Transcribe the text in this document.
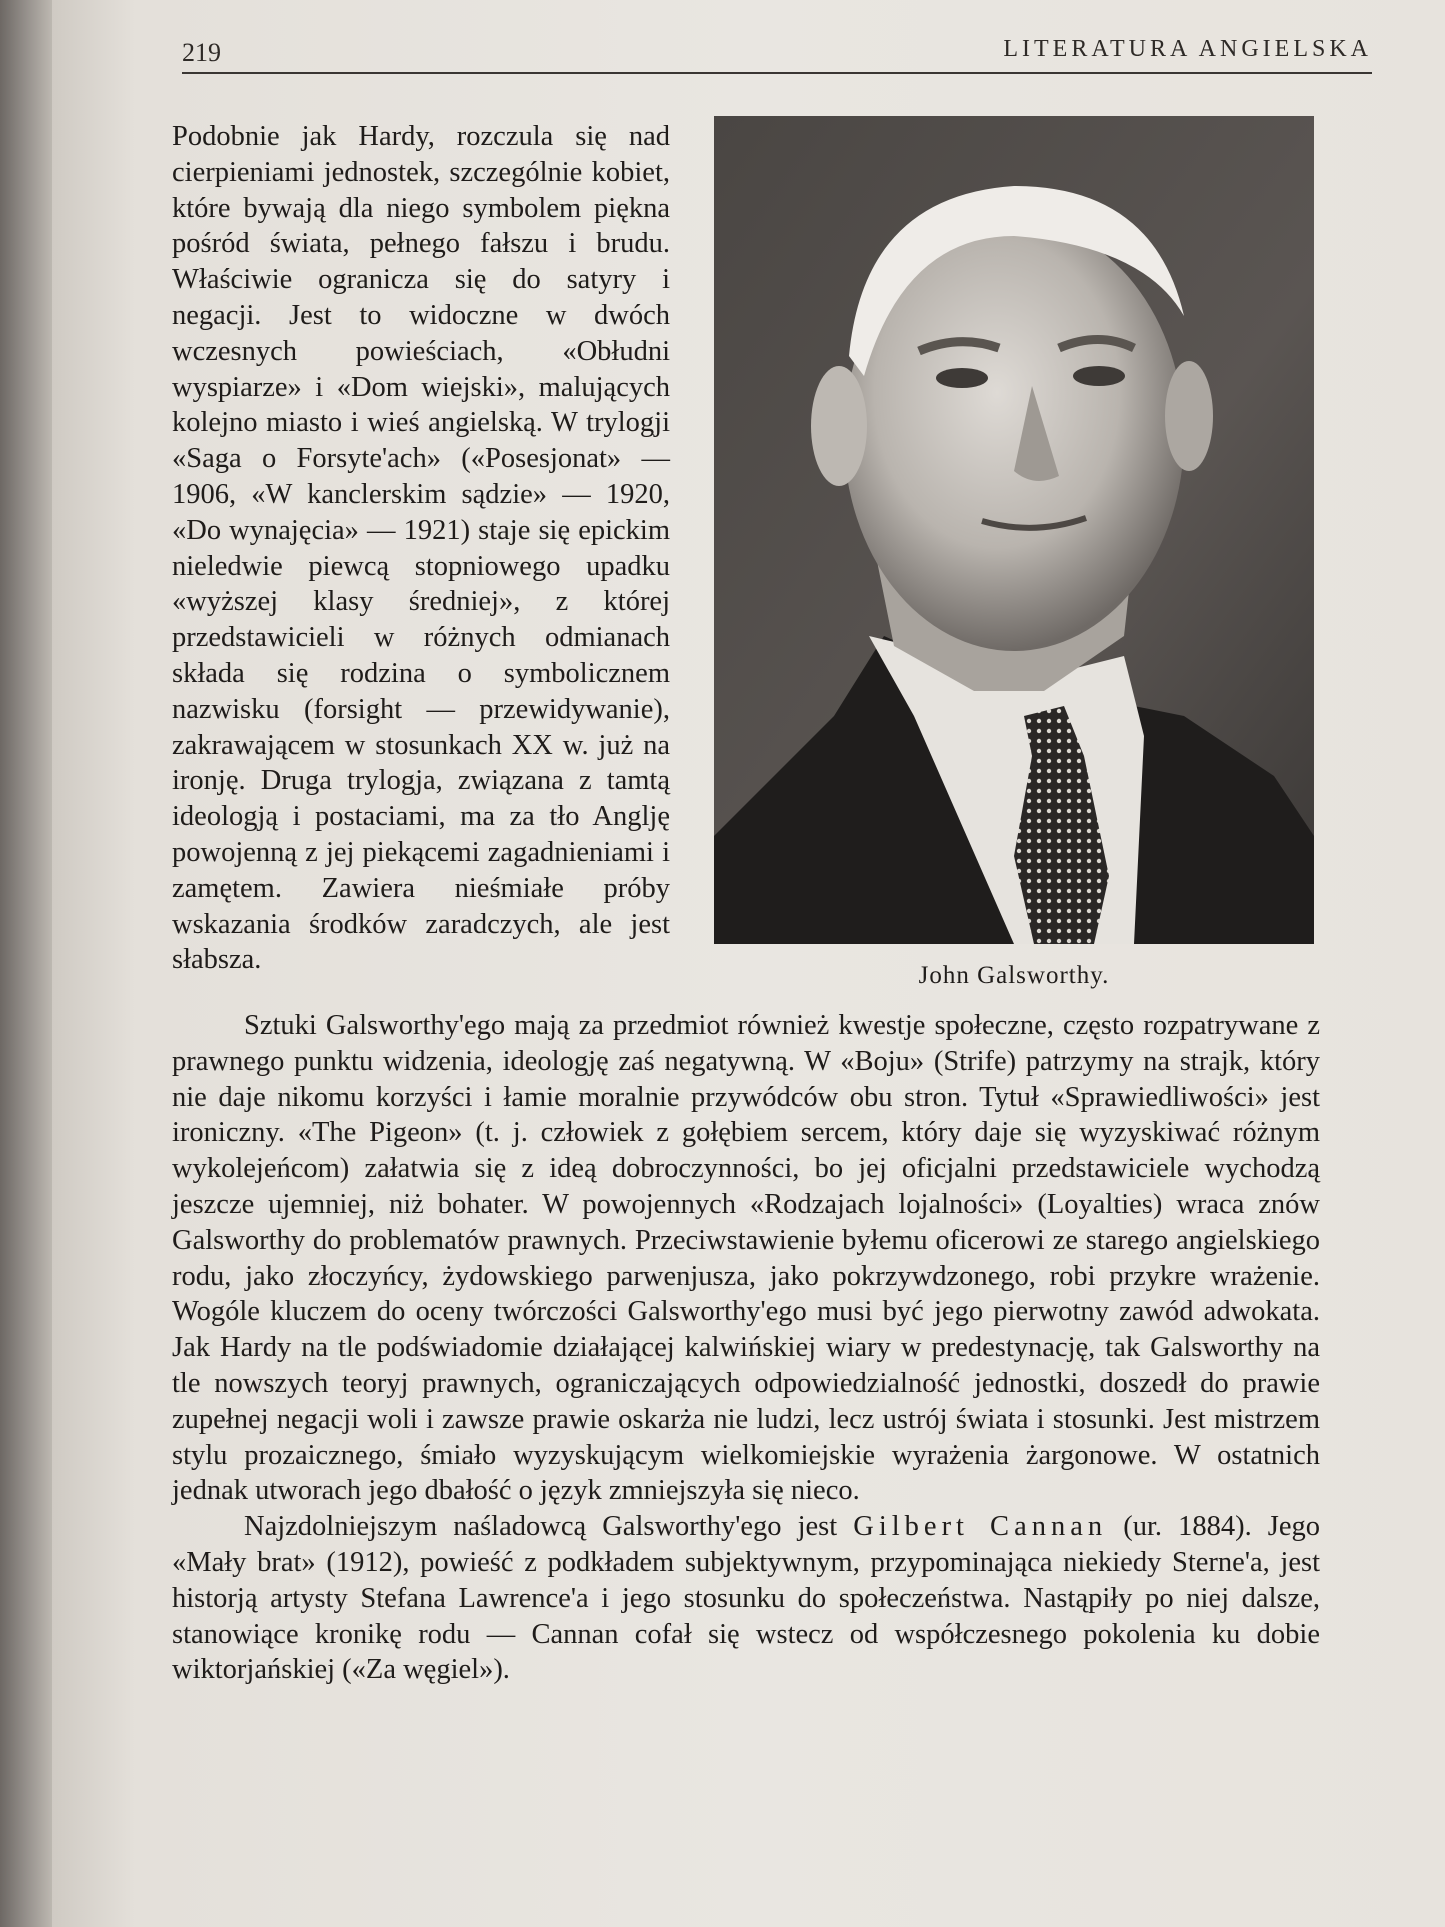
219	LITERATURA ANGIELSKA

Podobnie jak Hardy, rozczula się nad cierpieniami jednostek, szczególnie kobiet, które bywają dla niego symbolem piękna pośród świata, pełnego fałszu i brudu. Właściwie ogranicza się do satyry i negacji. Jest to widoczne w dwóch wczesnych powieściach, «Obłudni wyspiarze» i «Dom wiejski», malujących kolejno miasto i wieś angielską. W trylogji «Saga o Forsyte'ach» («Posesjonat» — 1906, «W kanclerskim sądzie» — 1920, «Do wynajęcia» — 1921) staje się epickim nieledwie piewcą stopniowego upadku «wyższej klasy średniej», z której przedstawicieli w różnych odmianach składa się rodzina o symbolicznem nazwisku (forsight — przewidywanie), zakrawającem w stosunkach XX w. już na ironję. Druga trylogja, związana z tamtą ideologją i postaciami, ma za tło Anglję powojenną z jej piekącemi zagadnieniami i zamętem. Zawiera nieśmiałe próby wskazania środków zaradczych, ale jest słabsza.

John Galsworthy.

Sztuki Galsworthy'ego mają za przedmiot również kwestje społeczne, często rozpatrywane z prawnego punktu widzenia, ideologję zaś negatywną. W «Boju» (Strife) patrzymy na strajk, który nie daje nikomu korzyści i łamie moralnie przywódców obu stron. Tytuł «Sprawiedliwości» jest ironiczny. «The Pigeon» (t. j. człowiek z gołębiem sercem, który daje się wyzyskiwać różnym wykolejeńcom) załatwia się z ideą dobroczynności, bo jej oficjalni przedstawiciele wychodzą jeszcze ujemniej, niż bohater. W powojennych «Rodzajach lojalności» (Loyalties) wraca znów Galsworthy do problematów prawnych. Przeciwstawienie byłemu oficerowi ze starego angielskiego rodu, jako złoczyńcy, żydowskiego parwenjusza, jako pokrzywdzonego, robi przykre wrażenie. Wogóle kluczem do oceny twórczości Galsworthy'ego musi być jego pierwotny zawód adwokata. Jak Hardy na tle podświadomie działającej kalwińskiej wiary w predestynację, tak Galsworthy na tle nowszych teoryj prawnych, ograniczających odpowiedzialność jednostki, doszedł do prawie zupełnej negacji woli i zawsze prawie oskarża nie ludzi, lecz ustrój świata i stosunki. Jest mistrzem stylu prozaicznego, śmiało wyzyskującym wielkomiejskie wyrażenia żargonowe. W ostatnich jednak utworach jego dbałość o język zmniejszyła się nieco.

Najzdolniejszym naśladowcą Galsworthy'ego jest Gilbert Cannan (ur. 1884). Jego «Mały brat» (1912), powieść z podkładem subjektywnym, przypominająca niekiedy Sterne'a, jest historją artysty Stefana Lawrence'a i jego stosunku do społeczeństwa. Nastąpiły po niej dalsze, stanowiące kronikę rodu — Cannan cofał się wstecz od współczesnego pokolenia ku dobie wiktorjańskiej («Za węgiel»).
